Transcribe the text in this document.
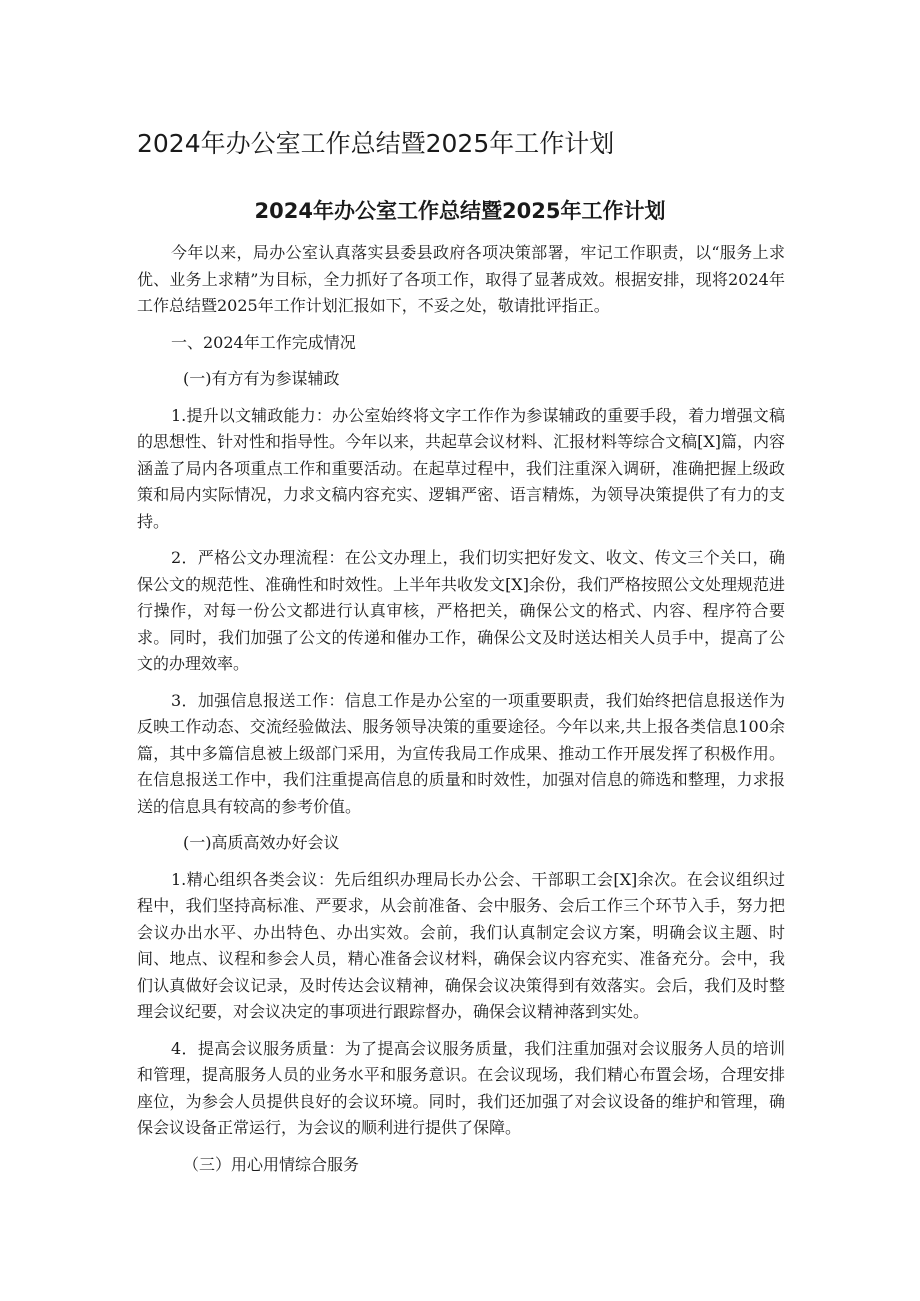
2024年办公室工作总结暨2025年工作计划
2024年办公室工作总结暨2025年工作计划

今年以来，局办公室认真落实县委县政府各项决策部署，牢记工作职责，以“服务上求优、业务上求精”为目标，全力抓好了各项工作，取得了显著成效。根据安排，现将2024年工作总结暨2025年工作计划汇报如下，不妥之处，敬请批评指正。

一、2024年工作完成情况

(一)有方有为参谋辅政

1.提升以文辅政能力：办公室始终将文字工作作为参谋辅政的重要手段，着力增强文稿的思想性、针对性和指导性。今年以来，共起草会议材料、汇报材料等综合文稿[X]篇，内容涵盖了局内各项重点工作和重要活动。在起草过程中，我们注重深入调研，准确把握上级政策和局内实际情况，力求文稿内容充实、逻辑严密、语言精炼，为领导决策提供了有力的支持。

2．严格公文办理流程：在公文办理上，我们切实把好发文、收文、传文三个关口，确保公文的规范性、准确性和时效性。上半年共收发文[X]余份，我们严格按照公文处理规范进行操作，对每一份公文都进行认真审核，严格把关，确保公文的格式、内容、程序符合要求。同时，我们加强了公文的传递和催办工作，确保公文及时送达相关人员手中，提高了公文的办理效率。

3．加强信息报送工作：信息工作是办公室的一项重要职责，我们始终把信息报送作为反映工作动态、交流经验做法、服务领导决策的重要途径。今年以来,共上报各类信息100余篇，其中多篇信息被上级部门采用，为宣传我局工作成果、推动工作开展发挥了积极作用。在信息报送工作中，我们注重提高信息的质量和时效性，加强对信息的筛选和整理，力求报送的信息具有较高的参考价值。

(一)高质高效办好会议

1.精心组织各类会议：先后组织办理局长办公会、干部职工会[X]余次。在会议组织过程中，我们坚持高标准、严要求，从会前准备、会中服务、会后工作三个环节入手，努力把会议办出水平、办出特色、办出实效。会前，我们认真制定会议方案，明确会议主题、时间、地点、议程和参会人员，精心准备会议材料，确保会议内容充实、准备充分。会中，我们认真做好会议记录，及时传达会议精神，确保会议决策得到有效落实。会后，我们及时整理会议纪要，对会议决定的事项进行跟踪督办，确保会议精神落到实处。

4．提高会议服务质量：为了提高会议服务质量，我们注重加强对会议服务人员的培训和管理，提高服务人员的业务水平和服务意识。在会议现场，我们精心布置会场，合理安排座位，为参会人员提供良好的会议环境。同时，我们还加强了对会议设备的维护和管理，确保会议设备正常运行，为会议的顺利进行提供了保障。

（三）用心用情综合服务
